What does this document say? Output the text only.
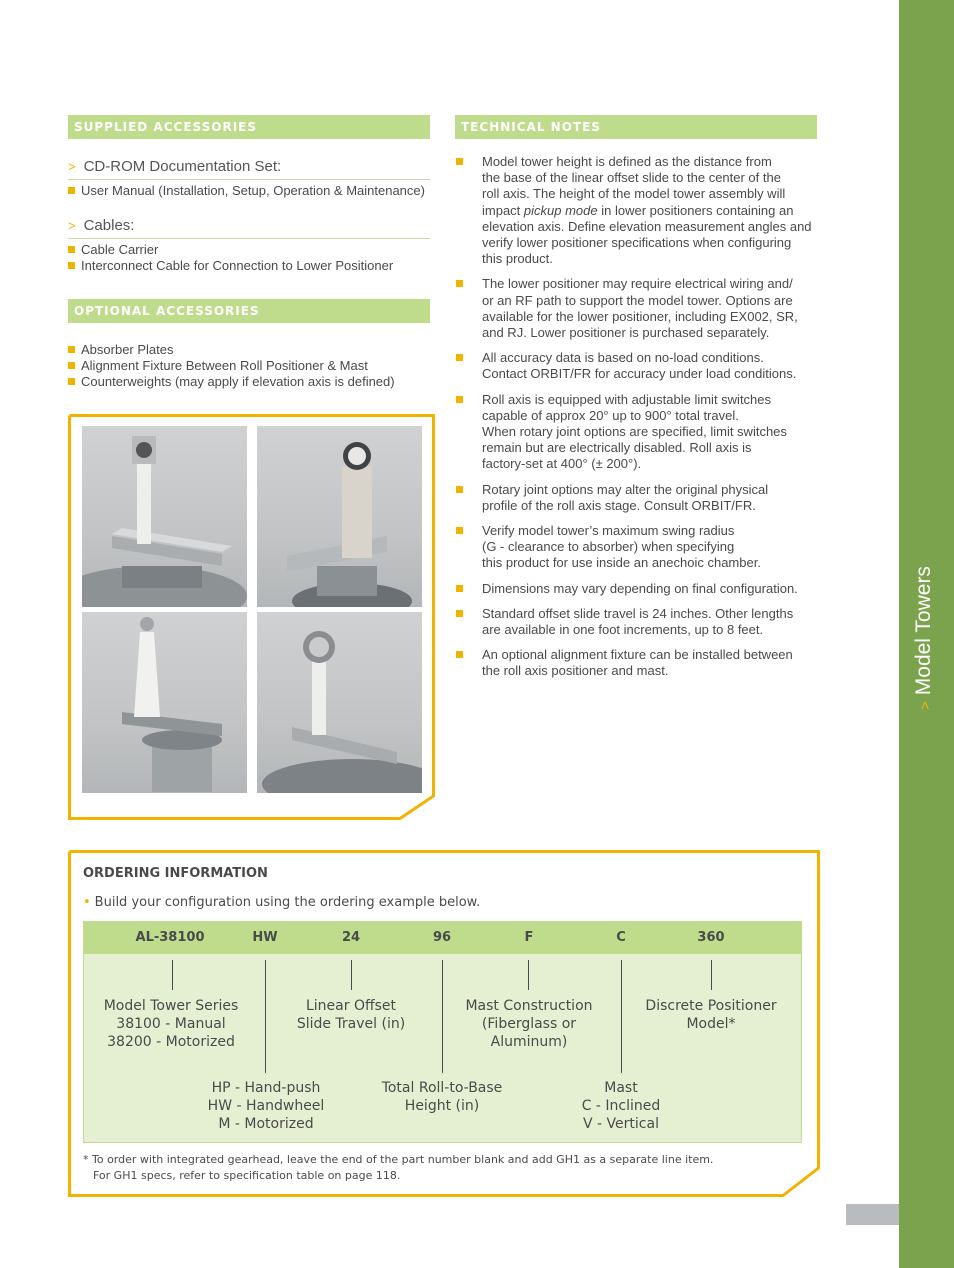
>Model Towers
SUPPLIED ACCESSORIES
> CD-ROM Documentation Set:
User Manual (Installation, Setup, Operation & Maintenance)
> Cables:
Cable Carrier
Interconnect Cable for Connection to Lower Positioner
OPTIONAL ACCESSORIES
Absorber Plates
Alignment Fixture Between Roll Positioner & Mast
Counterweights (may apply if elevation axis is defined)
TECHNICAL NOTES
Model tower height is defined as the distance from
the base of the linear offset slide to the center of the
roll axis. The height of the model tower assembly will
impact pickup mode in lower positioners containing an
elevation axis. Define elevation measurement angles and
verify lower positioner specifications when configuring
this product.
The lower positioner may require electrical wiring and/
or an RF path to support the model tower. Options are
available for the lower positioner, including EX002, SR,
and RJ. Lower positioner is purchased separately.
All accuracy data is based on no-load conditions.
Contact ORBIT/FR for accuracy under load conditions.
Roll axis is equipped with adjustable limit switches
capable of approx 20° up to 900° total travel.
When rotary joint options are specified, limit switches
remain but are electrically disabled. Roll axis is
factory-set at 400° (± 200°).
Rotary joint options may alter the original physical
profile of the roll axis stage. Consult ORBIT/FR.
Verify model tower’s maximum swing radius
(G - clearance to absorber) when specifying
this product for use inside an anechoic chamber.
Dimensions may vary depending on final configuration.
Standard offset slide travel is 24 inches. Other lengths
are available in one foot increments, up to 8 feet.
An optional alignment fixture can be installed between
the roll axis positioner and mast.
ORDERING INFORMATION
• Build your configuration using the ordering example below.
AL-38100	HW	24	96	F	C	360
Model Tower Series
38100 - Manual
38200 - Motorized
Linear Offset
Slide Travel (in)
Mast Construction
(Fiberglass or
Aluminum)
Discrete Positioner
Model*
HP - Hand-push
HW - Handwheel
M - Motorized
Total Roll-to-Base
Height (in)
Mast
C - Inclined
V - Vertical
* To order with integrated gearhead, leave the end of the part number blank and add GH1 as a separate line item.
For GH1 specs, refer to specification table on page 118.
